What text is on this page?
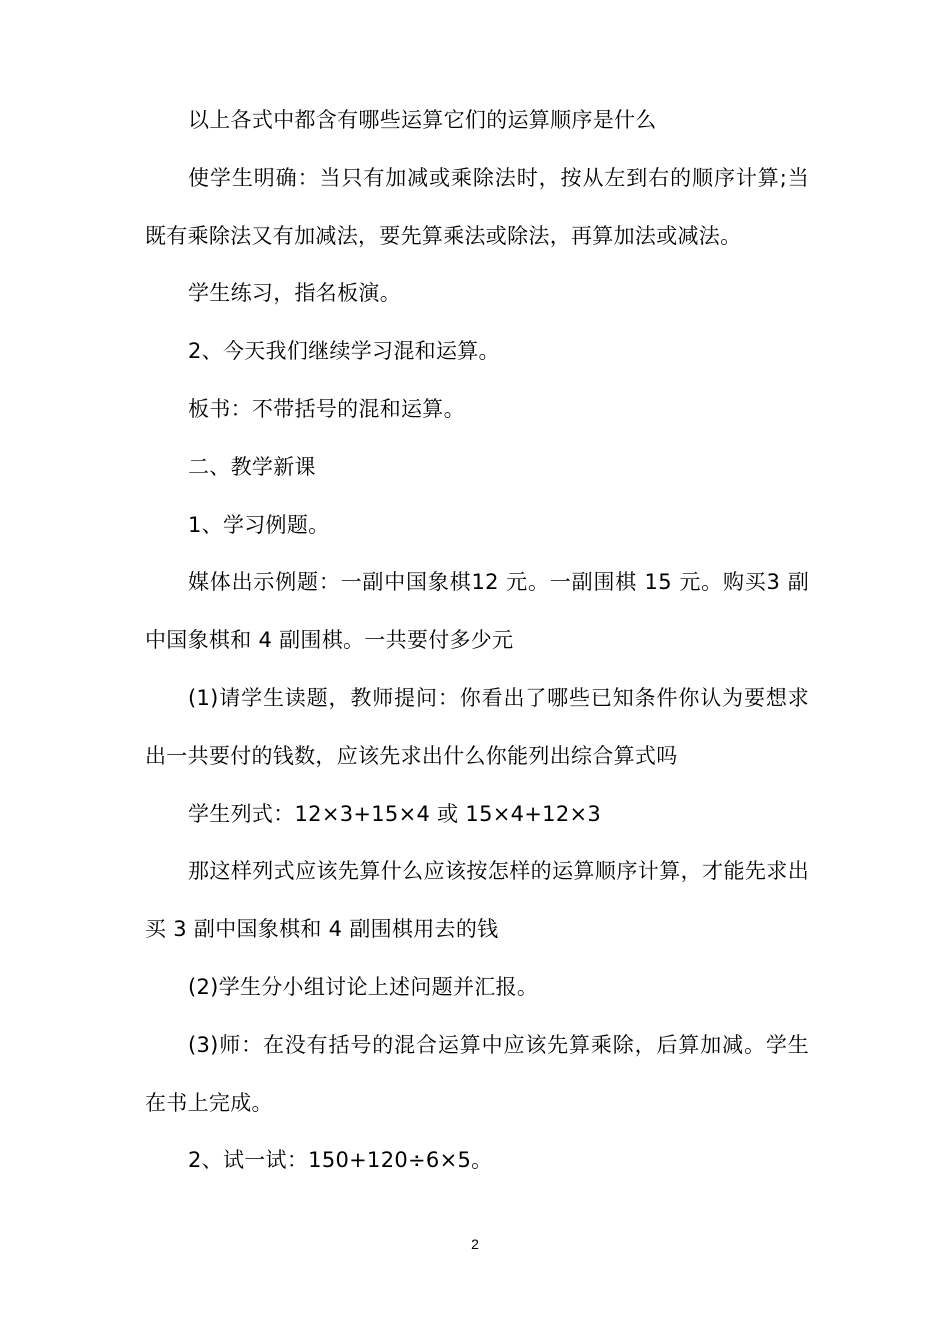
以上各式中都含有哪些运算它们的运算顺序是什么

使学生明确：当只有加减或乘除法时，按从左到右的顺序计算;当既有乘除法又有加减法，要先算乘法或除法，再算加法或减法。

学生练习，指名板演。

2、今天我们继续学习混和运算。

板书：不带括号的混和运算。

二、教学新课

1、学习例题。

媒体出示例题：一副中国象棋12 元。一副围棋 15 元。购买3 副中国象棋和 4 副围棋。一共要付多少元

(1)请学生读题，教师提问：你看出了哪些已知条件你认为要想求出一共要付的钱数，应该先求出什么你能列出综合算式吗

学生列式：12×3+15×4 或 15×4+12×3

那这样列式应该先算什么应该按怎样的运算顺序计算，才能先求出买 3 副中国象棋和 4 副围棋用去的钱

(2)学生分小组讨论上述问题并汇报。

(3)师：在没有括号的混合运算中应该先算乘除，后算加减。学生在书上完成。

2、试一试：150+120÷6×5。

2
